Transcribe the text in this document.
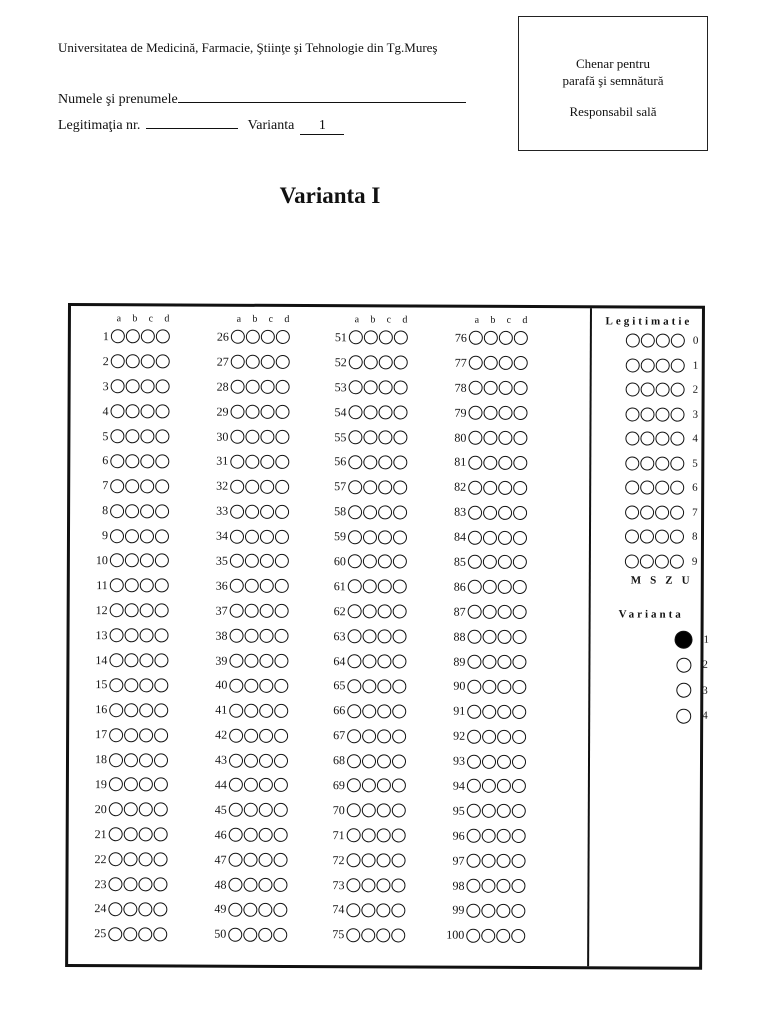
Universitatea de Medicină, Farmacie, Ştiinţe şi Tehnologie din Tg.Mureş
Numele şi prenumele
Legitimaţia nr.	Varianta 1
Chenar pentru
parafă şi semnătură
Responsabil sală
Varianta I
a b c d
1
2
3
4
5
6
7
8
9
10
11
12
13
14
15
16
17
18
19
20
21
22
23
24
25
a b c d
26
27
28
29
30
31
32
33
34
35
36
37
38
39
40
41
42
43
44
45
46
47
48
49
50
a b c d
51
52
53
54
55
56
57
58
59
60
61
62
63
64
65
66
67
68
69
70
71
72
73
74
75
a b c d
76
77
78
79
80
81
82
83
84
85
86
87
88
89
90
91
92
93
94
95
96
97
98
99
100
Legitimatie
0
1
2
3
4
5
6
7
8
9
MSZU
Varianta
1
2
3
4
